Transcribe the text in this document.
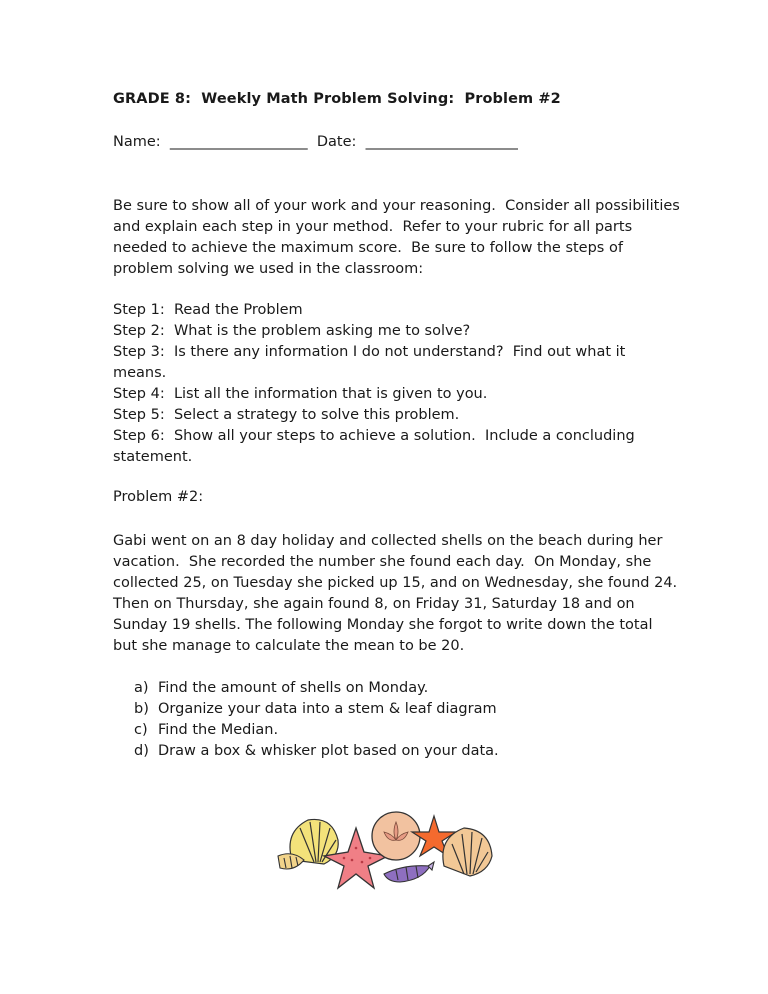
GRADE 8:  Weekly Math Problem Solving:  Problem #2
Name:  ___________________  Date:  _____________________
Be sure to show all of your work and your reasoning.  Consider all possibilities
and explain each step in your method.  Refer to your rubric for all parts
needed to achieve the maximum score.  Be sure to follow the steps of
problem solving we used in the classroom:
Step 1:  Read the Problem
Step 2:  What is the problem asking me to solve?
Step 3:  Is there any information I do not understand?  Find out what it
means.
Step 4:  List all the information that is given to you.
Step 5:  Select a strategy to solve this problem.
Step 6:  Show all your steps to achieve a solution.  Include a concluding
statement.
Problem #2:
Gabi went on an 8 day holiday and collected shells on the beach during her
vacation.  She recorded the number she found each day.  On Monday, she
collected 25, on Tuesday she picked up 15, and on Wednesday, she found 24.
Then on Thursday, she again found 8, on Friday 31, Saturday 18 and on
Sunday 19 shells. The following Monday she forgot to write down the total
but she manage to calculate the mean to be 20.
a) Find the amount of shells on Monday.
b) Organize your data into a stem & leaf diagram
c) Find the Median.
d) Draw a box & whisker plot based on your data.
